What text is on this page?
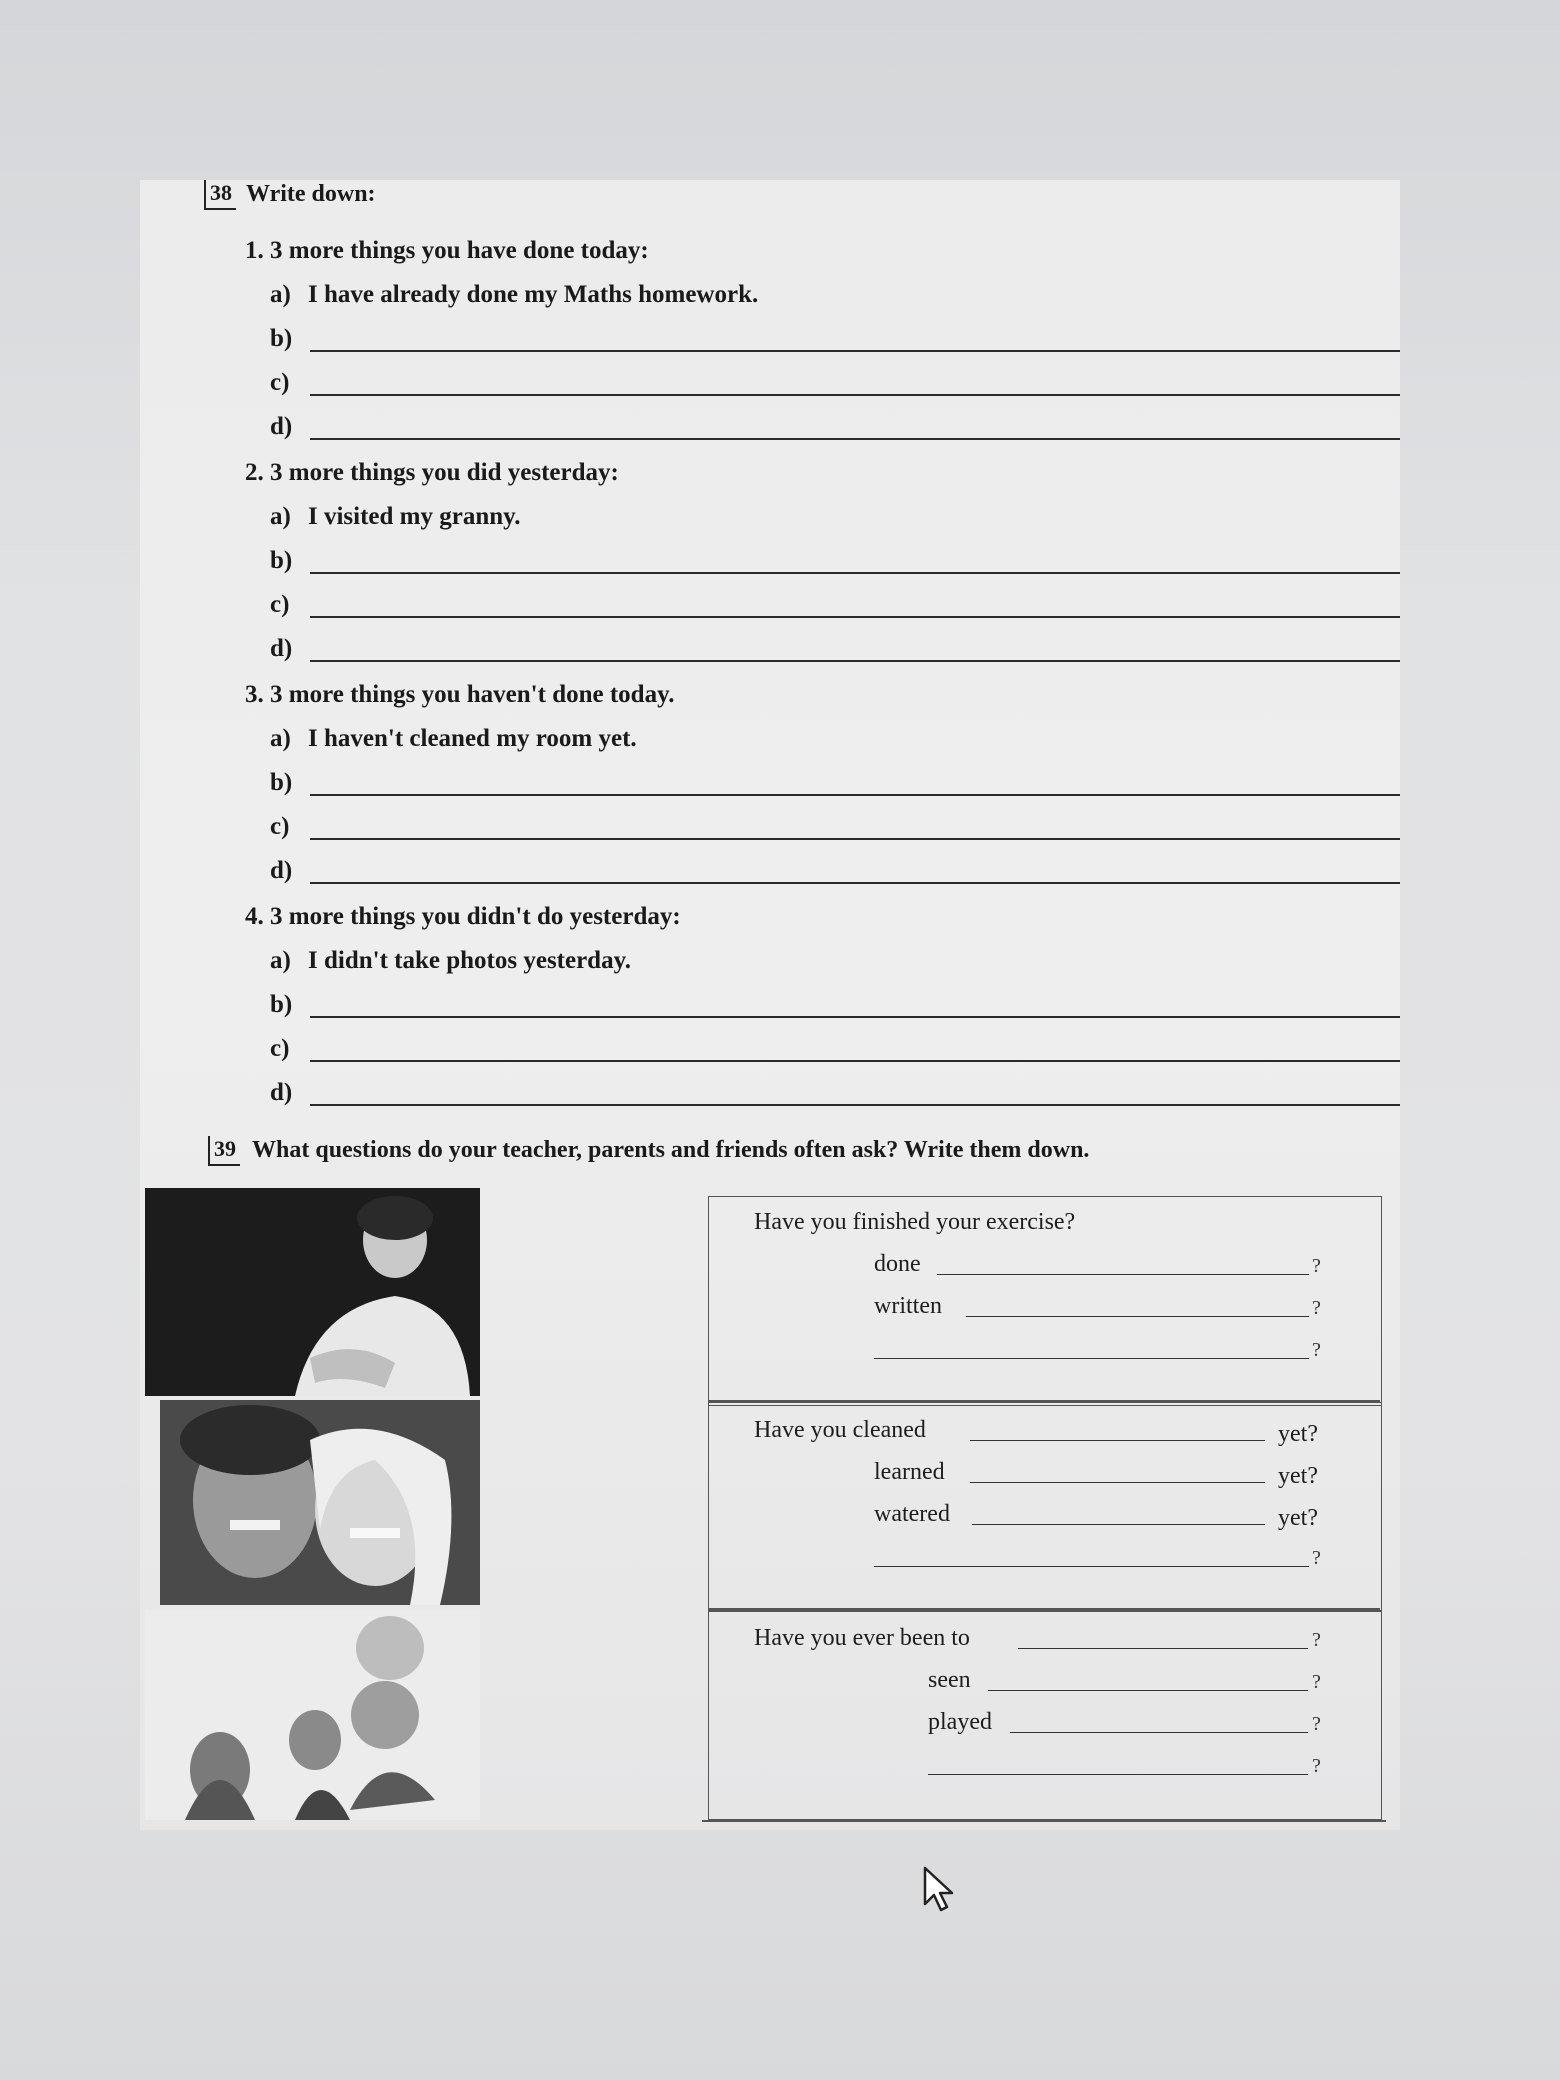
38 Write down:
1. 3 more things you have done today:
a) I have already done my Maths homework.
b)
c)
d)
2. 3 more things you did yesterday:
a) I visited my granny.
b)
c)
d)
3. 3 more things you haven't done today.
a) I haven't cleaned my room yet.
b)
c)
d)
4. 3 more things you didn't do yesterday:
a) I didn't take photos yesterday.
b)
c)
d)
39 What questions do your teacher, parents and friends often ask? Write them down.
Have you finished your exercise?
done	?
written	?
?
Have you cleaned	yet?
learned	yet?
watered	yet?
?
Have you ever been to	?
seen	?
played	?
?
